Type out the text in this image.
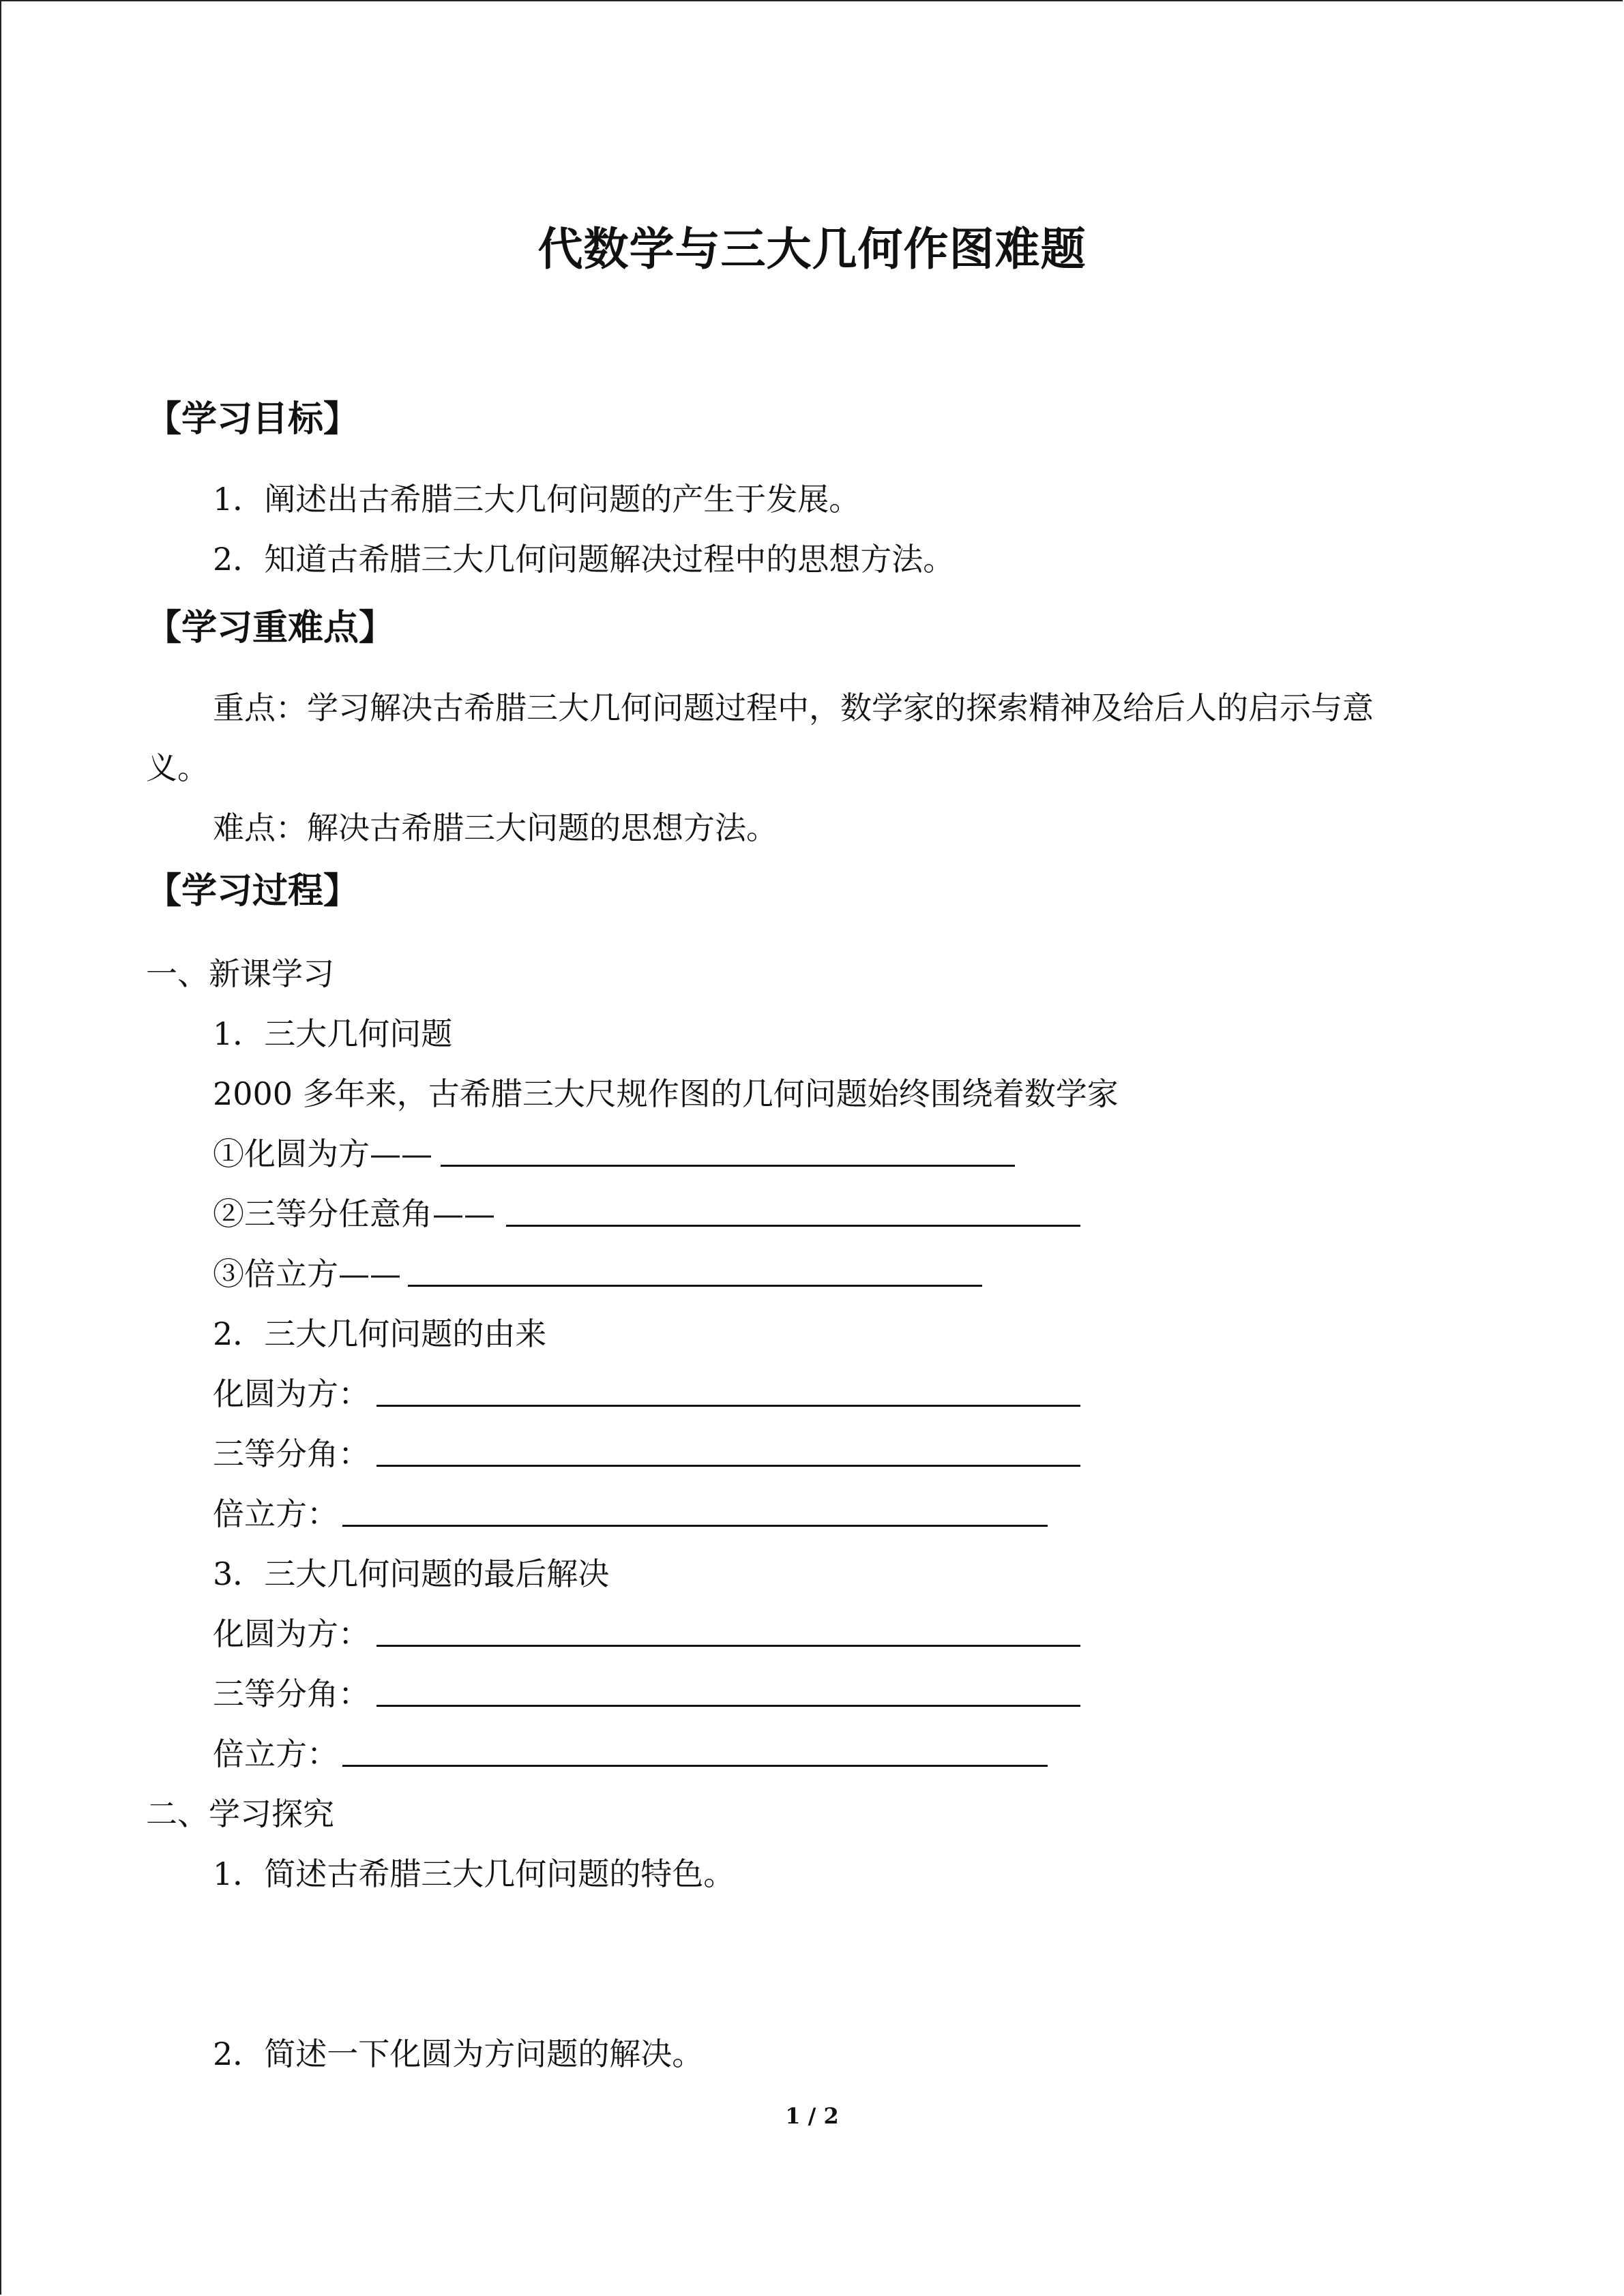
代数学与三大几何作图难题
【学习目标】
1．阐述出古希腊三大几何问题的产生于发展。
2．知道古希腊三大几何问题解决过程中的思想方法。
【学习重难点】
重点：学习解决古希腊三大几何问题过程中，数学家的探索精神及给后人的启示与意
义。
难点：解决古希腊三大问题的思想方法。
【学习过程】
一、新课学习
1．三大几何问题
2000 多年来，古希腊三大尺规作图的几何问题始终围绕着数学家
①化圆为方——
②三等分任意角——
③倍立方——
2．三大几何问题的由来
化圆为方：
三等分角：
倍立方：
3．三大几何问题的最后解决
化圆为方：
三等分角：
倍立方：
二、学习探究
1．简述古希腊三大几何问题的特色。
2．简述一下化圆为方问题的解决。
1 / 2
